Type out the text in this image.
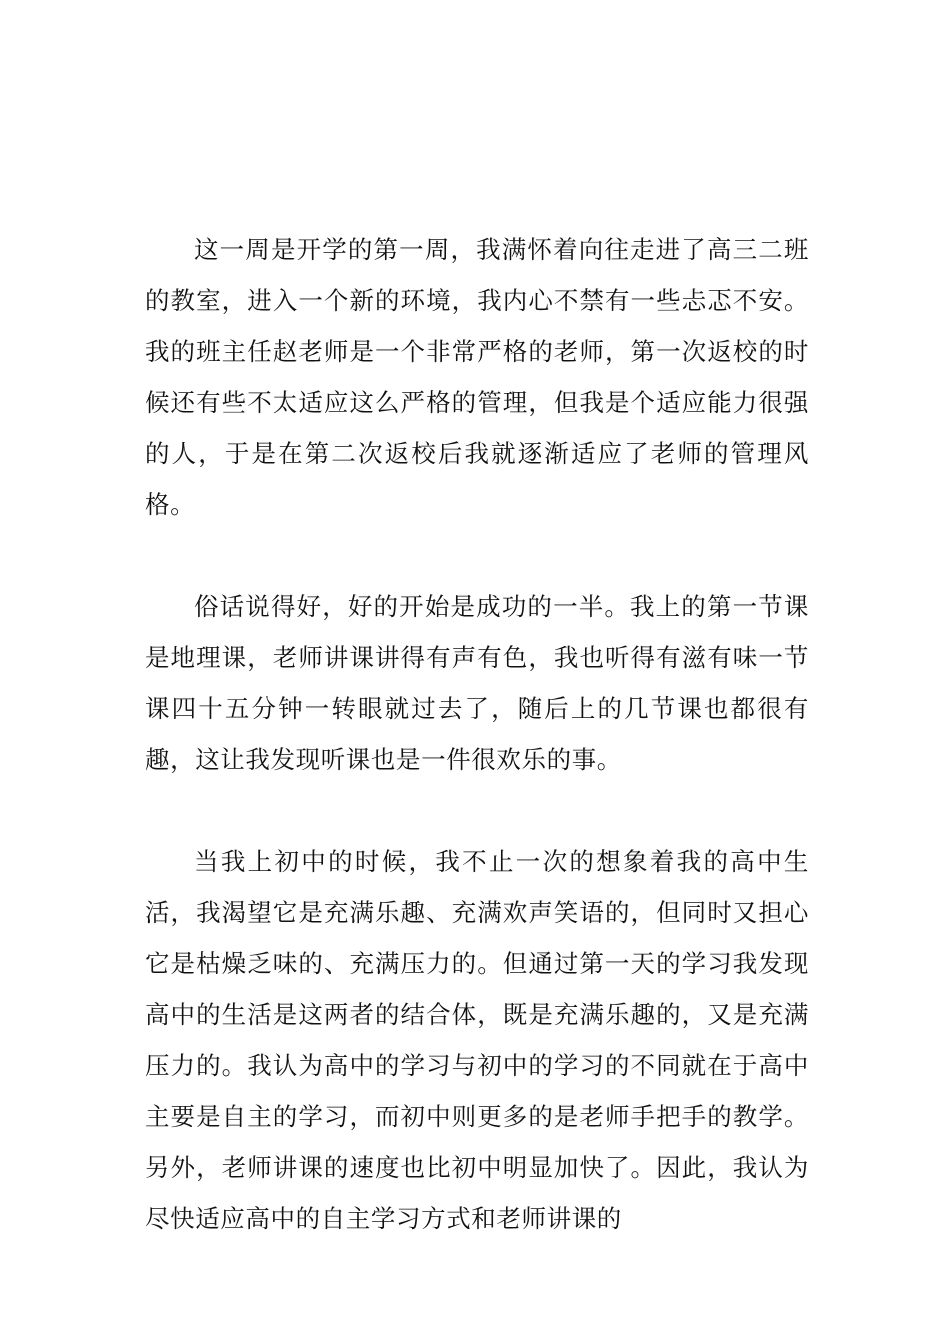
这一周是开学的第一周，我满怀着向往走进了高三二班的教室，进入一个新的环境，我内心不禁有一些忐忑不安。我的班主任赵老师是一个非常严格的老师，第一次返校的时候还有些不太适应这么严格的管理，但我是个适应能力很强的人，于是在第二次返校后我就逐渐适应了老师的管理风格。

俗话说得好，好的开始是成功的一半。我上的第一节课是地理课，老师讲课讲得有声有色，我也听得有滋有味一节课四十五分钟一转眼就过去了，随后上的几节课也都很有趣，这让我发现听课也是一件很欢乐的事。

当我上初中的时候，我不止一次的想象着我的高中生活，我渴望它是充满乐趣、充满欢声笑语的，但同时又担心它是枯燥乏味的、充满压力的。但通过第一天的学习我发现高中的生活是这两者的结合体，既是充满乐趣的，又是充满压力的。我认为高中的学习与初中的学习的不同就在于高中主要是自主的学习，而初中则更多的是老师手把手的教学。另外，老师讲课的速度也比初中明显加快了。因此，我认为尽快适应高中的自主学习方式和老师讲课的
